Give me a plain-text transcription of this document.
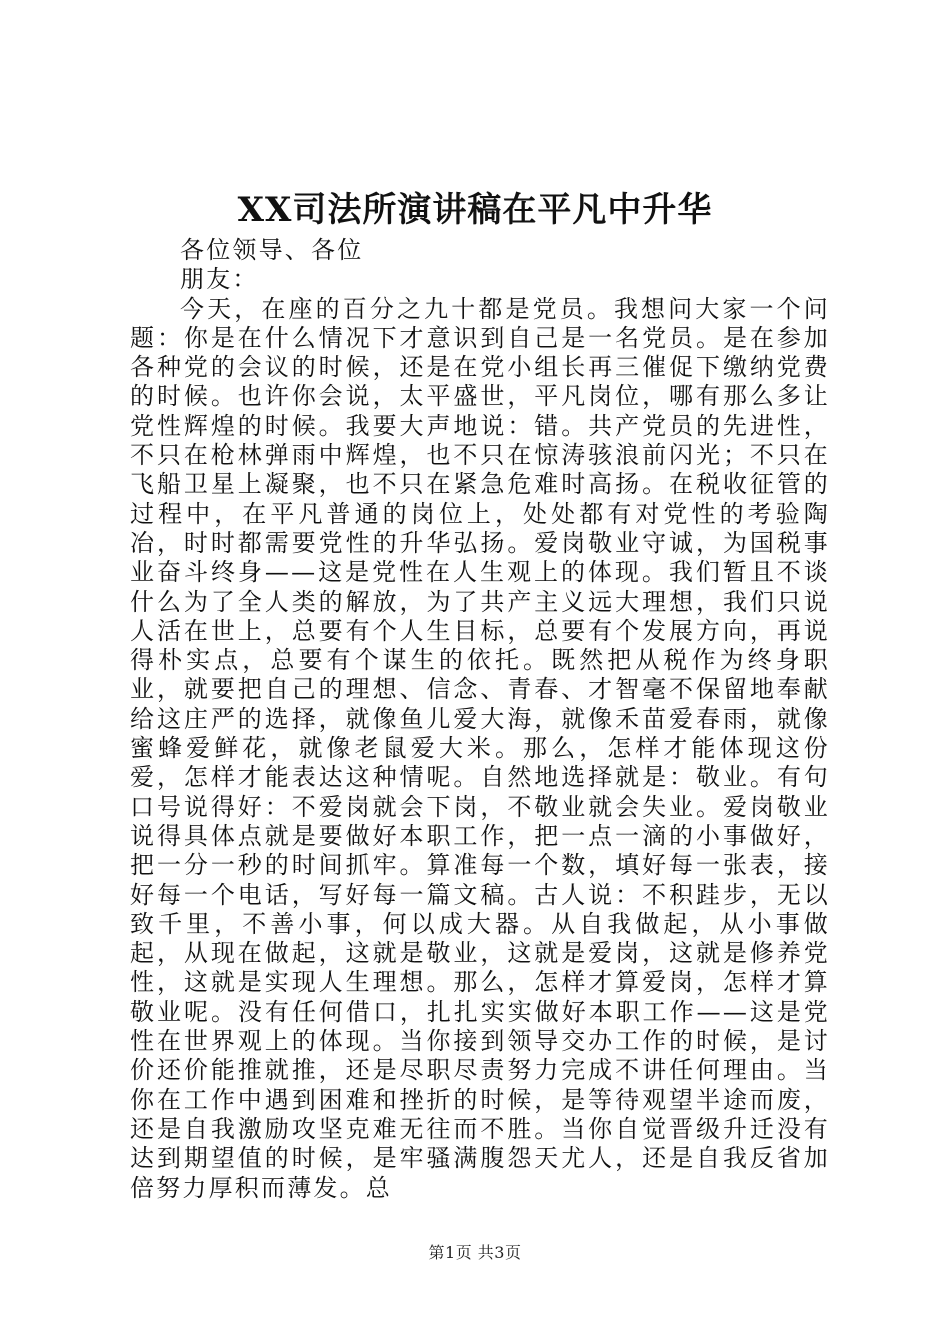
XX司法所演讲稿在平凡中升华

各位领导、各位

朋友：

今天，在座的百分之九十都是党员。我想问大家一个问题：你是在什么情况下才意识到自己是一名党员。是在参加各种党的会议的时候，还是在党小组长再三催促下缴纳党费的时候。也许你会说，太平盛世，平凡岗位，哪有那么多让党性辉煌的时候。我要大声地说：错。共产党员的先进性，不只在枪林弹雨中辉煌，也不只在惊涛骇浪前闪光；不只在飞船卫星上凝聚，也不只在紧急危难时高扬。在税收征管的过程中，在平凡普通的岗位上，处处都有对党性的考验陶冶，时时都需要党性的升华弘扬。爱岗敬业守诚，为国税事业奋斗终身——这是党性在人生观上的体现。我们暂且不谈什么为了全人类的解放，为了共产主义远大理想，我们只说人活在世上，总要有个人生目标，总要有个发展方向，再说得朴实点，总要有个谋生的依托。既然把从税作为终身职业，就要把自己的理想、信念、青春、才智毫不保留地奉献给这庄严的选择，就像鱼儿爱大海，就像禾苗爱春雨，就像蜜蜂爱鲜花，就像老鼠爱大米。那么，怎样才能体现这份爱，怎样才能表达这种情呢。自然地选择就是：敬业。有句口号说得好：不爱岗就会下岗，不敬业就会失业。爱岗敬业说得具体点就是要做好本职工作，把一点一滴的小事做好，把一分一秒的时间抓牢。算准每一个数，填好每一张表，接好每一个电话，写好每一篇文稿。古人说：不积跬步，无以致千里，不善小事，何以成大器。从自我做起，从小事做起，从现在做起，这就是敬业，这就是爱岗，这就是修养党性，这就是实现人生理想。那么，怎样才算爱岗，怎样才算敬业呢。没有任何借口，扎扎实实做好本职工作——这是党性在世界观上的体现。当你接到领导交办工作的时候，是讨价还价能推就推，还是尽职尽责努力完成不讲任何理由。当你在工作中遇到困难和挫折的时候，是等待观望半途而废，还是自我激励攻坚克难无往而不胜。当你自觉晋级升迁没有达到期望值的时候，是牢骚满腹怨天尤人，还是自我反省加倍努力厚积而薄发。总

第1页 共3页
